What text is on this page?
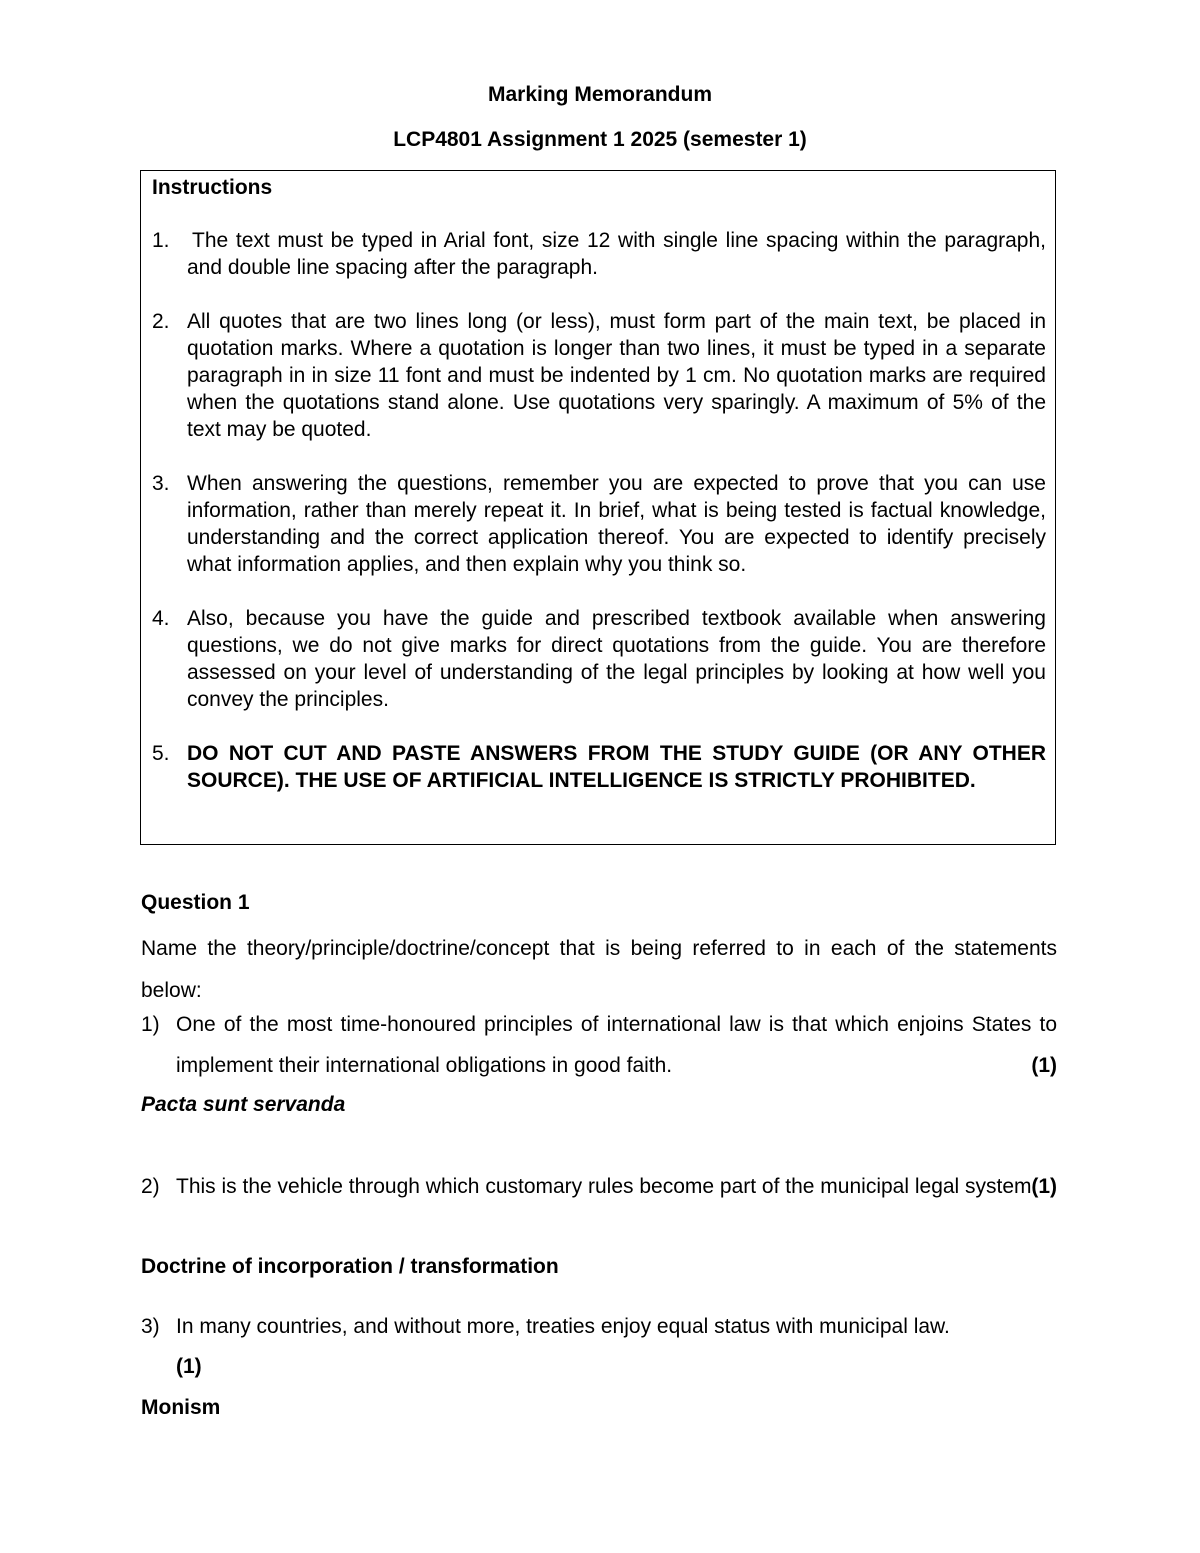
Marking Memorandum
LCP4801 Assignment 1 2025 (semester 1)
Instructions
1. The text must be typed in Arial font, size 12 with single line spacing within the paragraph, and double line spacing after the paragraph.
2. All quotes that are two lines long (or less), must form part of the main text, be placed in quotation marks. Where a quotation is longer than two lines, it must be typed in a separate paragraph in in size 11 font and must be indented by 1 cm. No quotation marks are required when the quotations stand alone. Use quotations very sparingly. A maximum of 5% of the text may be quoted.
3. When answering the questions, remember you are expected to prove that you can use information, rather than merely repeat it. In brief, what is being tested is factual knowledge, understanding and the correct application thereof. You are expected to identify precisely what information applies, and then explain why you think so.
4. Also, because you have the guide and prescribed textbook available when answering questions, we do not give marks for direct quotations from the guide. You are therefore assessed on your level of understanding of the legal principles by looking at how well you convey the principles.
5. DO NOT CUT AND PASTE ANSWERS FROM THE STUDY GUIDE (OR ANY OTHER SOURCE). THE USE OF ARTIFICIAL INTELLIGENCE IS STRICTLY PROHIBITED.
Question 1
Name the theory/principle/doctrine/concept that is being referred to in each of the statements below:
1) One of the most time-honoured principles of international law is that which enjoins States to implement their international obligations in good faith.	(1)
Pacta sunt servanda
2) This is the vehicle through which customary rules become part of the municipal legal system.
(1)
Doctrine of incorporation / transformation
3) In many countries, and without more, treaties enjoy equal status with municipal law.
(1)
Monism
